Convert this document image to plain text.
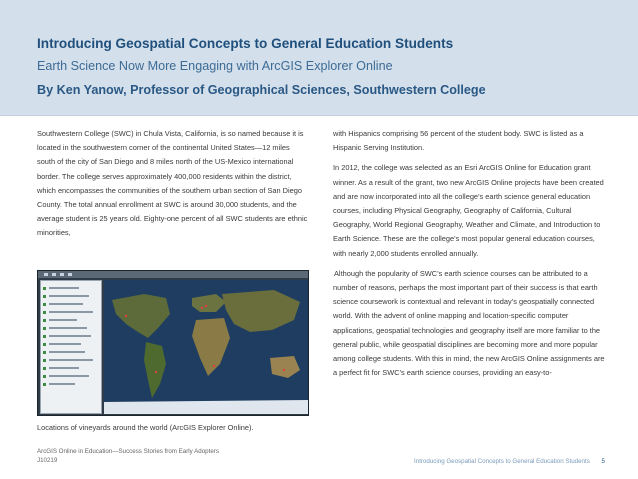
Introducing Geospatial Concepts to General Education Students
Earth Science Now More Engaging with ArcGIS Explorer Online
By Ken Yanow, Professor of Geographical Sciences, Southwestern College

Southwestern College (SWC) in Chula Vista, California, is so named because it is located in the southwestern corner of the continental United States—12 miles south of the city of San Diego and 8 miles north of the US-Mexico international border. The college serves approximately 400,000 residents within the district, which encompasses the communities of the southern urban section of San Diego County. The total annual enrollment at SWC is around 30,000 students, and the average student is 25 years old. Eighty-one percent of all SWC students are ethnic minorities,

Locations of vineyards around the world (ArcGIS Explorer Online).

with Hispanics comprising 56 percent of the student body. SWC is listed as a Hispanic Serving Institution.

In 2012, the college was selected as an Esri ArcGIS Online for Education grant winner. As a result of the grant, two new ArcGIS Online projects have been created and are now incorporated into all the college’s earth science general education courses, including Physical Geography, Geography of California, Cultural Geography, World Regional Geography, Weather and Climate, and Introduction to Earth Science. These are the college’s most popular general education courses, with nearly 2,000 students enrolled annually.

Although the popularity of SWC’s earth science courses can be attributed to a number of reasons, perhaps the most important part of their success is that earth science coursework is contextual and relevant in today’s geospatially connected world. With the advent of online mapping and location-specific computer applications, geospatial technologies and geography itself are more familiar to the general public, while geospatial disciplines are becoming more and more popular among college students. With this in mind, the new ArcGIS Online assignments are a perfect fit for SWC’s earth science courses, providing an easy-to-

ArcGIS Online in Education—Success Stories from Early Adopters
J10219	Introducing Geospatial Concepts to General Education Students 5
